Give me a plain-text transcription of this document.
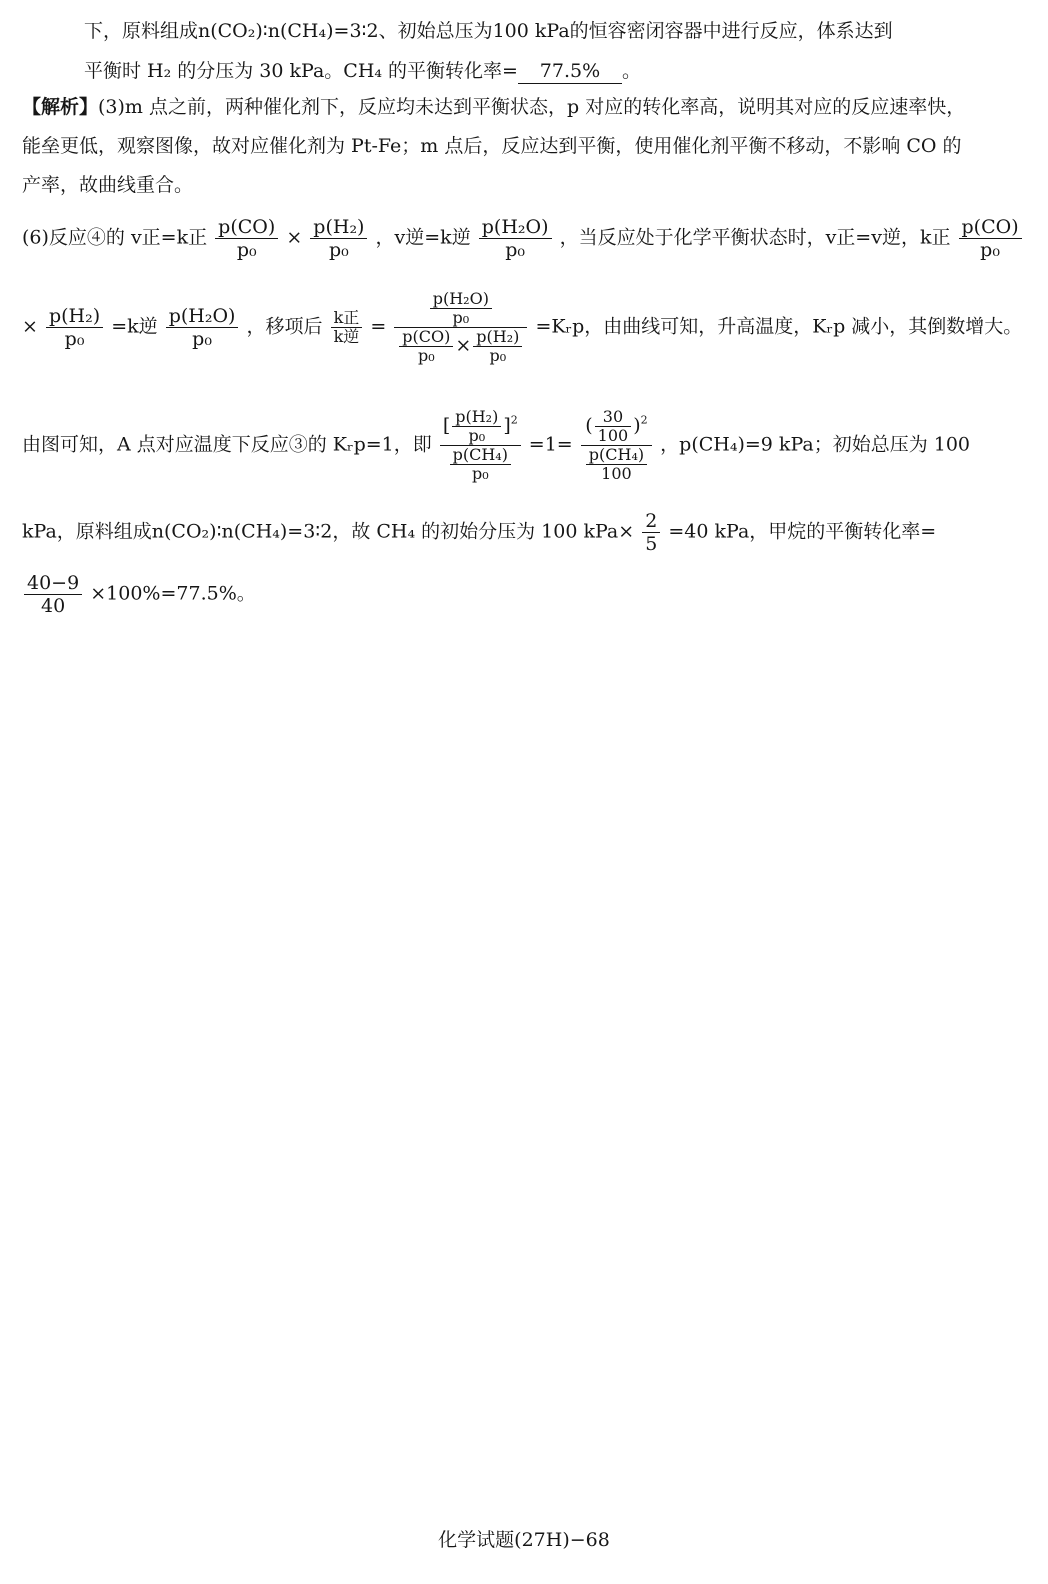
下，原料组成n(CO₂)∶n(CH₄)=3∶2、初始总压为100 kPa的恒容密闭容器中进行反应，体系达到
平衡时 H₂ 的分压为 30 kPa。CH₄ 的平衡转化率= 77.5% 。
【解析】(3)m 点之前，两种催化剂下，反应均未达到平衡状态，p 对应的转化率高，说明其对应的反应速率快，
能垒更低，观察图像，故对应催化剂为 Pt-Fe；m 点后，反应达到平衡，使用催化剂平衡不移动，不影响 CO 的
产率，故曲线重合。
(6)反应④的 v正=k正 $\frac{p(CO)}{\text{p₀}} \times \frac{\text{p(H₂)}}{\text{p₀}}$ ，v逆=k逆 $\frac{\text{p(H₂O)}}{\text{p₀}}$ ，当反应处于化学平衡状态时，v正=v逆，k正 $\frac{p(CO)}{\text{p₀}}$
× $\frac{\text{p(H₂)}}{\text{p₀}} =k$逆 $\frac{\text{p(H₂O)}}{\text{p₀}}$ ，移项后 $\frac{\text{k正}}{\text{k逆}} = \frac{\frac{\text{p(H₂O)}}{\text{p₀}}}{\frac{p(CO)}{\text{p₀}} \times \frac{\text{p(H₂)}}{\text{p₀}}}$ =Kᵣp，由曲线可知，升高温度，Kᵣp 减小，其倒数增大。
由图可知，A 点对应温度下反应③的 Kᵣp=1，即 $\frac{[ \frac{\text{p(H₂)}}{\text{p₀}} ]^2}{\frac{\text{p(CH₄)}}{\text{p₀}}} =1= \frac{( \frac{30}{100} )^2}{\frac{\text{p(CH₄)}}{100}}$ ，p(CH₄)=9 kPa；初始总压为 100
kPa，原料组成n(CO₂)∶n(CH₄)=3∶2，故 CH₄ 的初始分压为 100 $kPa\times \frac{2}{5} =40$ kPa，甲烷的平衡转化率=
$\frac{40-9}{40} \times 100\%=77.5\%$。
化学试题(27H)−68
